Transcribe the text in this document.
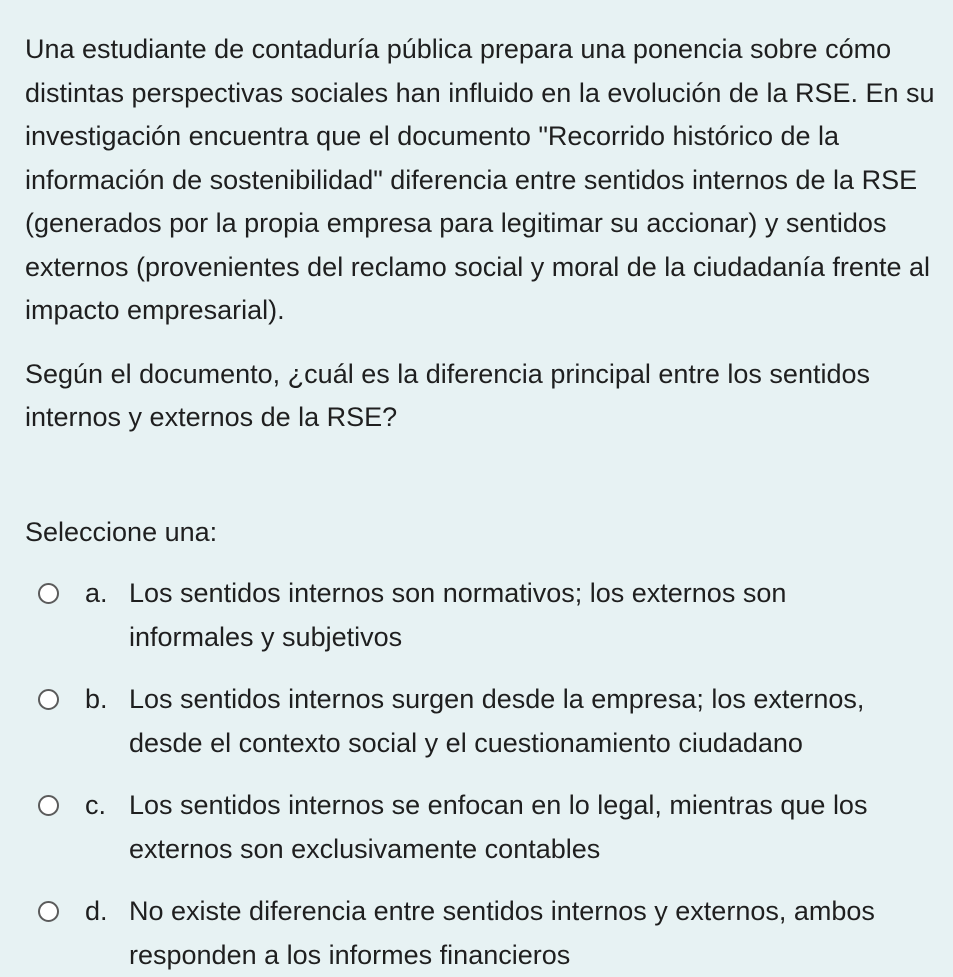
Una estudiante de contaduría pública prepara una ponencia sobre cómo distintas perspectivas sociales han influido en la evolución de la RSE. En su investigación encuentra que el documento "Recorrido histórico de la información de sostenibilidad" diferencia entre sentidos internos de la RSE (generados por la propia empresa para legitimar su accionar) y sentidos externos (provenientes del reclamo social y moral de la ciudadanía frente al impacto empresarial).

Según el documento, ¿cuál es la diferencia principal entre los sentidos internos y externos de la RSE?

Seleccione una:
a. Los sentidos internos son normativos; los externos son informales y subjetivos
b. Los sentidos internos surgen desde la empresa; los externos, desde el contexto social y el cuestionamiento ciudadano
c. Los sentidos internos se enfocan en lo legal, mientras que los externos son exclusivamente contables
d. No existe diferencia entre sentidos internos y externos, ambos responden a los informes financieros
